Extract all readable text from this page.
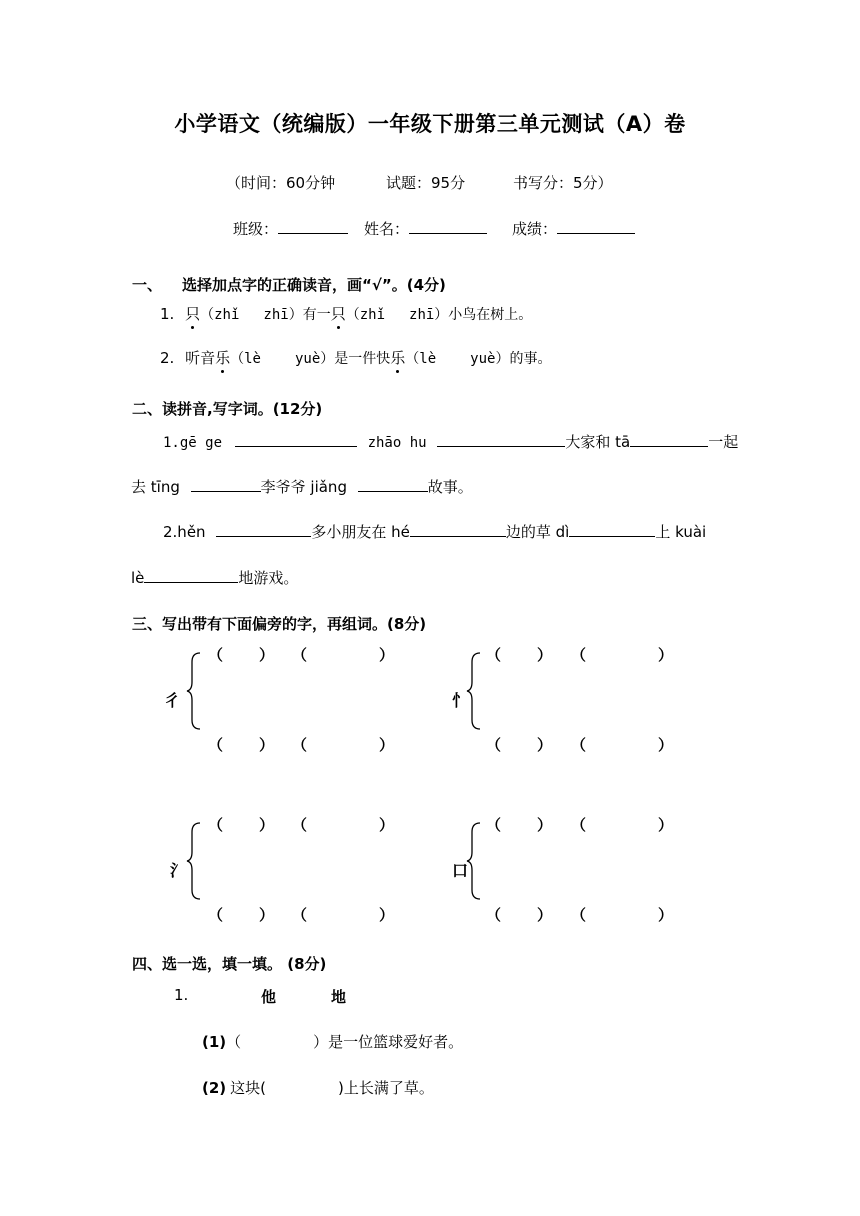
小学语文（统编版）一年级下册第三单元测试（A）卷
（时间：60分钟	试题：95分	书写分：5分）
班级：	姓名：	成绩：
一、 选择加点字的正确读音，画“√”。(4分)
1. 只（zhǐ zhī）有一只（zhǐ zhī）小鸟在树上。
2. 听音乐（lè yuè）是一件快乐（lè yuè）的事。
二、读拼音,写字词。(12分)
1.gē ge	zhāo hu	大家和 tā	一起
去 tīng	李爷爷 jiǎng	故事。
2.hěn	多小朋友在 hé	边的草 dì	上 kuài
lè	地游戏。
三、写出带有下面偏旁的字，再组词。(8分)
彳
（ ） （	）
（ ） （	）
忄
（ ） （	）
（ ） （	）
氵
（ ） （	）
（ ） （	）
口
（ ） （	）
（ ） （	）
四、选一选，填一填。 (8分)
1.	他	地
(1)（	）是一位篮球爱好者。
(2) 这块(	)上长满了草。
